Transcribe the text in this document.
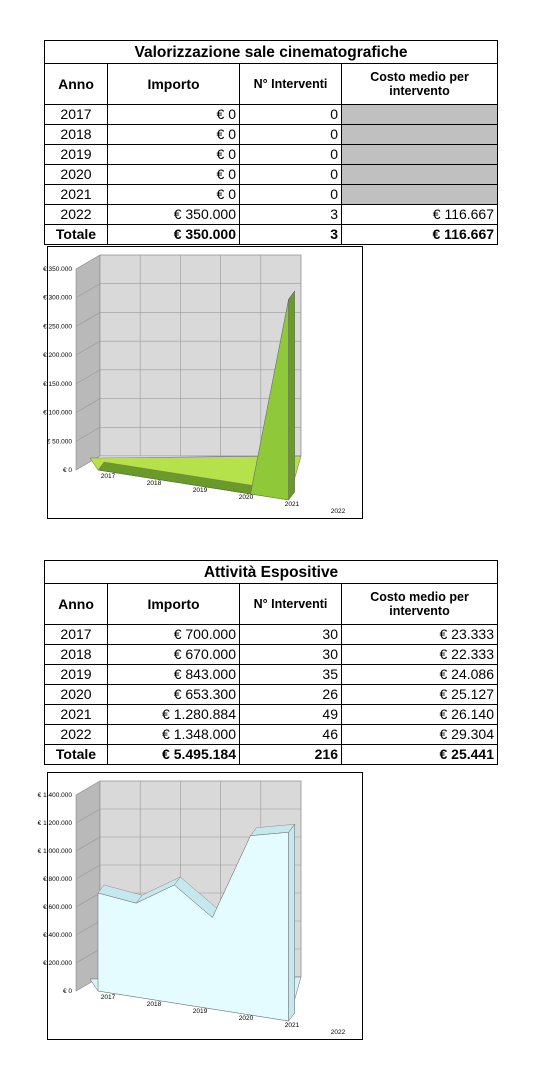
Valorizzazione sale cinematografiche			
Anno	Importo	N° Interventi	Costo medio per intervento
2017	€ 0	0	
2018	€ 0	0	
2019	€ 0	0	
2020	€ 0	0	
2021	€ 0	0	
2022	€ 350.000	3	€ 116.667
Totale	€ 350.000	3	€ 116.667
€ 0
€ 50.000
€ 100.000
€ 150.000
€ 200.000
€ 250.000
€ 300.000
€ 350.000
2017
2018
2019
2020
2021
2022
Attività Espositive			
Anno	Importo	N° Interventi	Costo medio per intervento
2017	€ 700.000	30	€ 23.333
2018	€ 670.000	30	€ 22.333
2019	€ 843.000	35	€ 24.086
2020	€ 653.300	26	€ 25.127
2021	€ 1.280.884	49	€ 26.140
2022	€ 1.348.000	46	€ 29.304
Totale	€ 5.495.184	216	€ 25.441
€ 0
€ 200.000
€ 400.000
€ 600.000
€ 800.000
€ 1.000.000
€ 1.200.000
€ 1.400.000
2017
2018
2019
2020
2021
2022
